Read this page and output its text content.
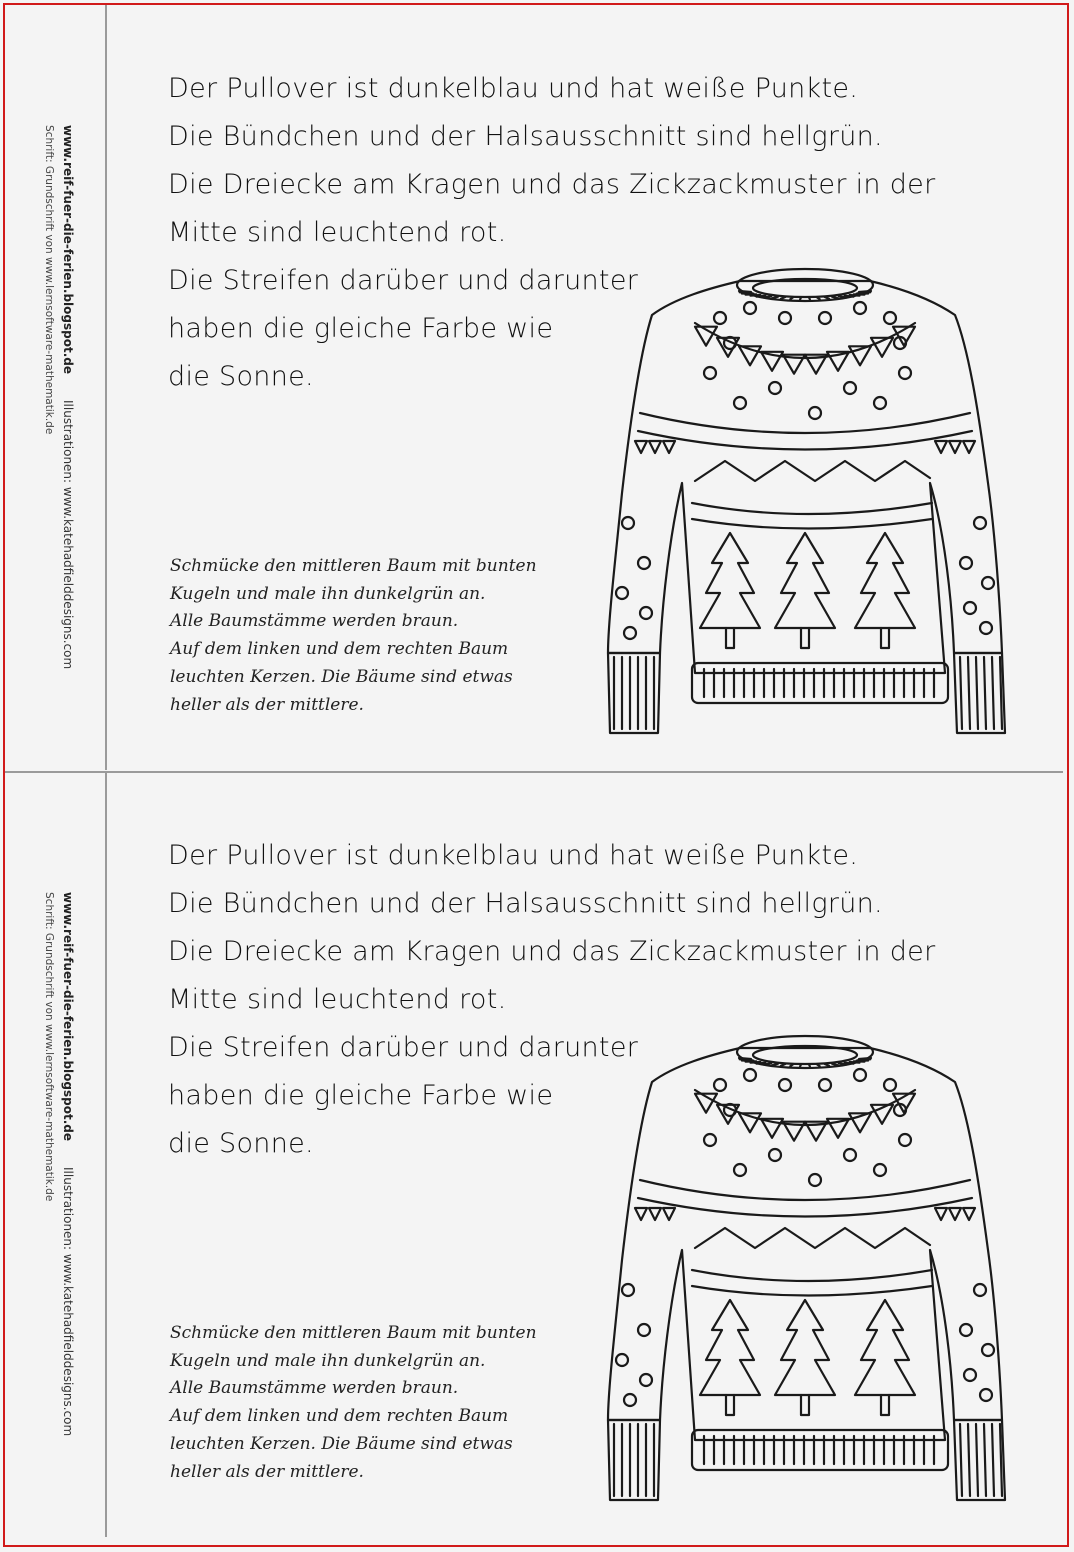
www.reif-fuer-die-ferien.blogspot.de
Illustrationen: www.katehadfielddesigns.com
Schrift: Grundschrift von www.lernsoftware-mathematik.de
Der Pullover ist dunkelblau und hat weiße Punkte.
Die Bündchen und der Halsausschnitt sind hellgrün.
Die Dreiecke am Kragen und das Zickzackmuster in der
Mitte sind leuchtend rot.
Die Streifen darüber und darunter
haben die gleiche Farbe wie
die Sonne.
Schmücke den mittleren Baum mit bunten
Kugeln und male ihn dunkelgrün an.
Alle Baumstämme werden braun.
Auf dem linken und dem rechten Baum
leuchten Kerzen. Die Bäume sind etwas
heller als der mittlere.
www.reif-fuer-die-ferien.blogspot.de
Illustrationen: www.katehadfielddesigns.com
Schrift: Grundschrift von www.lernsoftware-mathematik.de
Der Pullover ist dunkelblau und hat weiße Punkte.
Die Bündchen und der Halsausschnitt sind hellgrün.
Die Dreiecke am Kragen und das Zickzackmuster in der
Mitte sind leuchtend rot.
Die Streifen darüber und darunter
haben die gleiche Farbe wie
die Sonne.
Schmücke den mittleren Baum mit bunten
Kugeln und male ihn dunkelgrün an.
Alle Baumstämme werden braun.
Auf dem linken und dem rechten Baum
leuchten Kerzen. Die Bäume sind etwas
heller als der mittlere.
